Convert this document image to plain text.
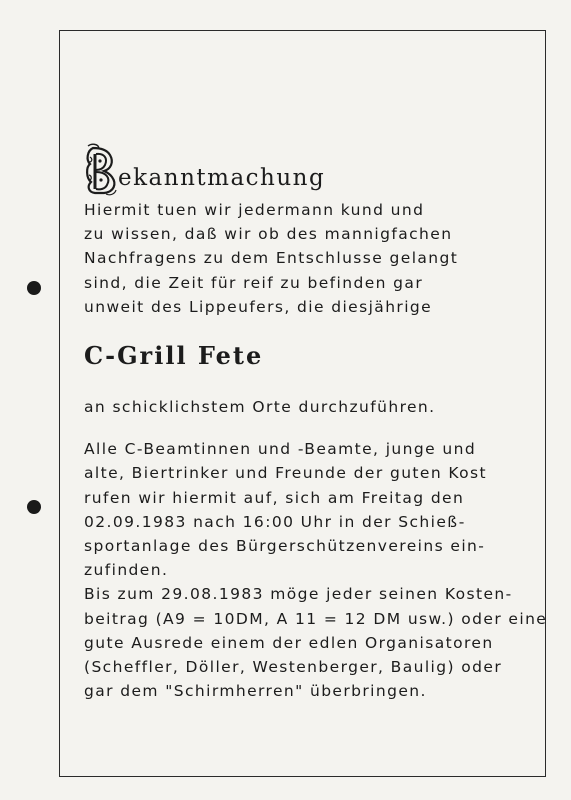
ekanntmachung
Hiermit tuen wir jedermann kund und
zu wissen, daß wir ob des mannigfachen
Nachfragens zu dem Entschlusse gelangt
sind, die Zeit für reif zu befinden gar
unweit des Lippeufers, die diesjährige
C-Grill Fete
an schicklichstem Orte durchzuführen.
Alle C-Beamtinnen und -Beamte, junge und
alte, Biertrinker und Freunde der guten Kost
rufen wir hiermit auf, sich am Freitag den
02.09.1983 nach 16:00 Uhr in der Schieß-
sportanlage des Bürgerschützenvereins ein-
zufinden.
Bis zum 29.08.1983 möge jeder seinen Kosten-
beitrag (A9 = 10DM, A 11 = 12 DM usw.) oder eine
gute Ausrede einem der edlen Organisatoren
(Scheffler, Döller, Westenberger, Baulig) oder
gar dem "Schirmherren" überbringen.
